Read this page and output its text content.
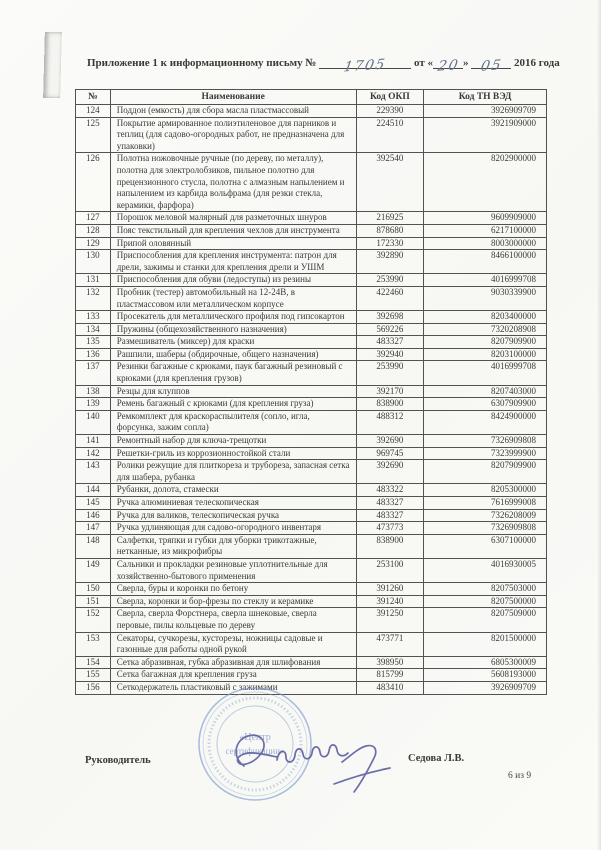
Приложение 1 к информационному письму № 1705 от « 20 » 05 2016 года
№	Наименование	Код ОКП	Код ТН ВЭД
124	Поддон (емкость) для сбора масла пластмассовый	229390	3926909709
125	Покрытие армированное полиэтиленовое для парников и теплиц (для садово-огородных работ, не предназначена для упаковки)	224510	3921909000
126	Полотна ножовочные ручные (по дереву, по металлу), полотна для электролобзиков, пильное полотно для прецензионного стусла, полотна с алмазным напылением и напылением из карбида вольфрама (для резки стекла, керамики, фарфора)	392540	8202900000
127	Порошок меловой малярный для разметочных шнуров	216925	9609909000
128	Пояс текстильный для крепления чехлов для инструмента	878680	6217100000
129	Припой оловянный	172330	8003000000
130	Приспособления для крепления инструмента: патрон для дрели, зажимы и станки для крепления дрели и УШМ	392890	8466100000
131	Приспособления для обуви (ледоступы) из резины	253990	4016999708
132	Пробник (тестер) автомобильный на 12-24В, в пластмассовом или металлическом корпусе	422460	9030339900
133	Просекатель для металлического профиля под гипсокартон	392698	8203400000
134	Пружины (общехозяйственного назначения)	569226	7320208908
135	Размешиватель (миксер) для краски	483327	8207909900
136	Рашпили, шаберы (обдирочные, общего назначения)	392940	8203100000
137	Резинки багажные с крюками, паук багажный резиновый с крюками (для крепления грузов)	253990	4016999708
138	Резцы для клуппов	392170	8207403000
139	Ремень багажный с крюками (для крепления груза)	838900	6307909900
140	Ремкомплект для краскораспылителя (сопло, игла, форсунка, зажим сопла)	488312	8424900000
141	Ремонтный набор для ключа-трещотки	392690	7326909808
142	Решетки-гриль из коррозионностойкой стали	969745	7323999900
143	Ролики режущие для плиткореза и трубореза, запасная сетка для шабера, рубанка	392690	8207909900
144	Рубанки, долота, стамески	483322	8205300000
145	Ручка алюминиевая телескопическая	483327	7616999008
146	Ручка для валиков, телескопическая ручка	483327	7326208009
147	Ручка удлиняющая для садово-огородного инвентаря	473773	7326909808
148	Салфетки, тряпки и губки для уборки трикотажные, нетканные, из микрофибры	838900	6307100000
149	Сальники и прокладки резиновые уплотнительные для хозяйственно-бытового применения	253100	4016930005
150	Сверла, буры и коронки по бетону	391260	8207503000
151	Сверла, коронки и бор-фрезы по стеклу и керамике	391240	8207500000
152	Сверла, сверла Форстнера, сверла шнековые, сверла перовые, пилы кольцевые по дереву	391250	8207509000
153	Секаторы, сучкорезы, кусторезы, ножницы садовые и газонные для работы одной рукой	473771	8201500000
154	Сетка абразивная, губка абразивная для шлифования	398950	6805300009
155	Сетка багажная для крепления груза	815799	5608193000
156	Сеткодержатель пластиковый с зажимами	483410	3926909709
Руководитель	Седова Л.В.
6 из 9
«Центр
сертификации»
